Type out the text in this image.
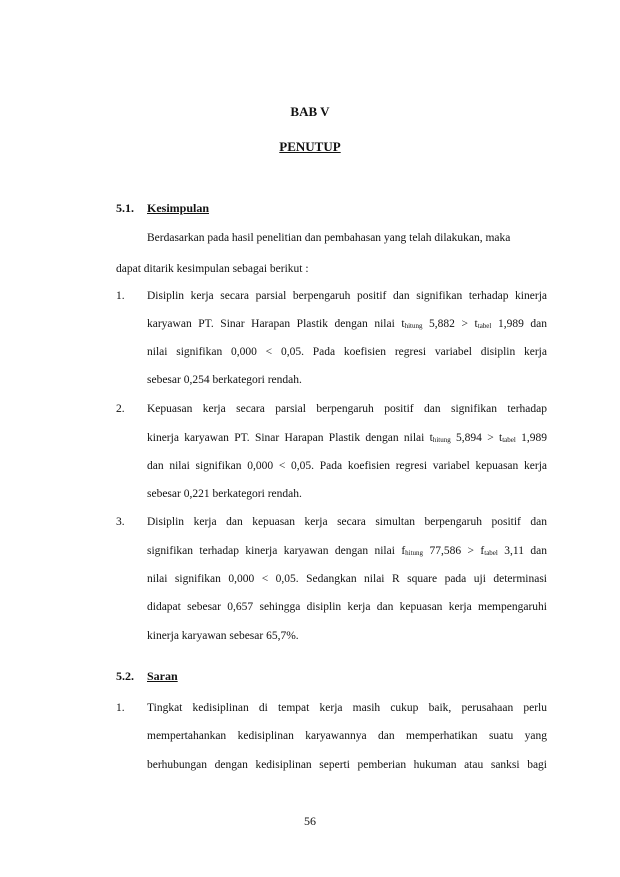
BAB V
PENUTUP
5.1. Kesimpulan
Berdasarkan pada hasil penelitian dan pembahasan yang telah dilakukan, maka
dapat ditarik kesimpulan sebagai berikut :
1. Disiplin kerja secara parsial berpengaruh positif dan signifikan terhadap kinerja
karyawan PT. Sinar Harapan Plastik dengan nilai $t_{hitung}$ $5,882 > t_{tabel}$ 1,989 dan
nilai signifikan 0,000 < 0,05. Pada koefisien regresi variabel disiplin kerja
sebesar 0,254 berkategori rendah.
2. Kepuasan kerja secara parsial berpengaruh positif dan signifikan terhadap
kinerja karyawan PT. Sinar Harapan Plastik dengan nilai $t_{hitung}$ $5,894 > t_{tabel}$ 1,989
dan nilai signifikan 0,000 < 0,05. Pada koefisien regresi variabel kepuasan kerja
sebesar 0,221 berkategori rendah.
3. Disiplin kerja dan kepuasan kerja secara simultan berpengaruh positif dan
signifikan terhadap kinerja karyawan dengan nilai $f_{hitung}$ $77,586 > f_{tabel}$ 3,11 dan
nilai signifikan 0,000 < 0,05. Sedangkan nilai R square pada uji determinasi
didapat sebesar 0,657 sehingga disiplin kerja dan kepuasan kerja mempengaruhi
kinerja karyawan sebesar 65,7%.
5.2. Saran
1. Tingkat kedisiplinan di tempat kerja masih cukup baik, perusahaan perlu
mempertahankan kedisiplinan karyawannya dan memperhatikan suatu yang
berhubungan dengan kedisiplinan seperti pemberian hukuman atau sanksi bagi
56
